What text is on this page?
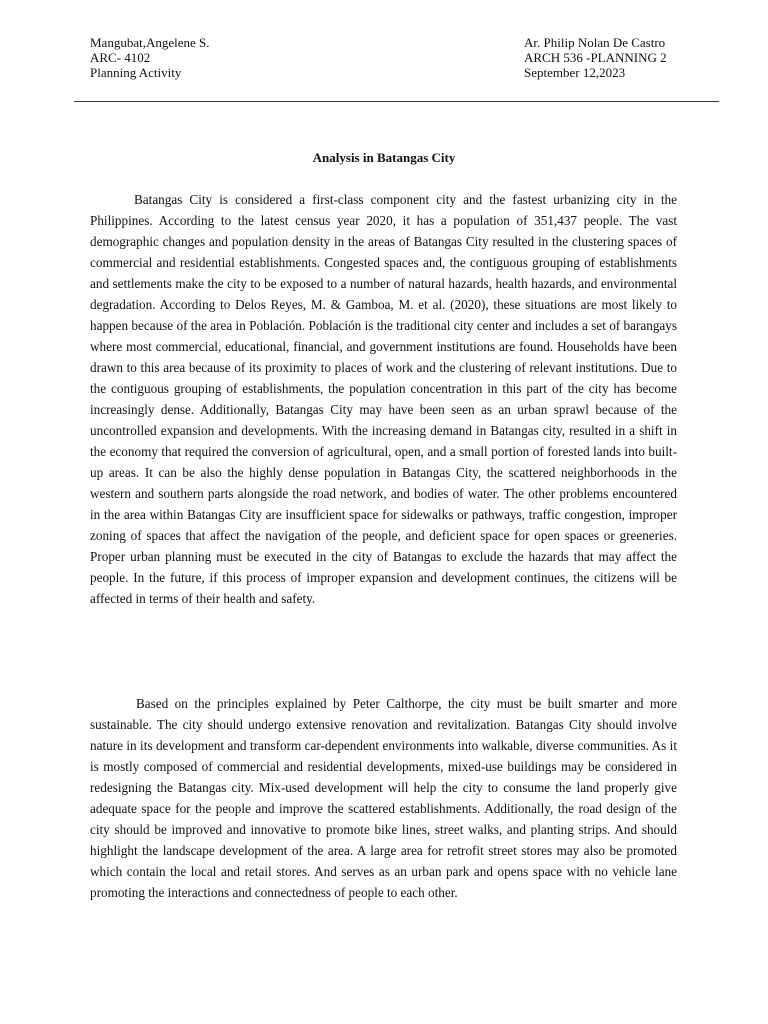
Mangubat,Angelene S.
ARC- 4102
Planning Activity
Ar. Philip Nolan De Castro
ARCH 536 -PLANNING 2
September 12,2023
Analysis in Batangas City

Batangas City is considered a first-class component city and the fastest urbanizing city in the Philippines. According to the latest census year 2020, it has a population of 351,437 people. The vast demographic changes and population density in the areas of Batangas City resulted in the clustering spaces of commercial and residential establishments. Congested spaces and, the contiguous grouping of establishments and settlements make the city to be exposed to a number of natural hazards, health hazards, and environmental degradation. According to Delos Reyes, M. & Gamboa, M. et al. (2020), these situations are most likely to happen because of the area in Población. Población is the traditional city center and includes a set of barangays where most commercial, educational, financial, and government institutions are found. Households have been drawn to this area because of its proximity to places of work and the clustering of relevant institutions. Due to the contiguous grouping of establishments, the population concentration in this part of the city has become increasingly dense. Additionally, Batangas City may have been seen as an urban sprawl because of the uncontrolled expansion and developments. With the increasing demand in Batangas city, resulted in a shift in the economy that required the conversion of agricultural, open, and a small portion of forested lands into built-up areas. It can be also the highly dense population in Batangas City, the scattered neighborhoods in the western and southern parts alongside the road network, and bodies of water. The other problems encountered in the area within Batangas City are insufficient space for sidewalks or pathways, traffic congestion, improper zoning of spaces that affect the navigation of the people, and deficient space for open spaces or greeneries. Proper urban planning must be executed in the city of Batangas to exclude the hazards that may affect the people. In the future, if this process of improper expansion and development continues, the citizens will be affected in terms of their health and safety.

Based on the principles explained by Peter Calthorpe, the city must be built smarter and more sustainable. The city should undergo extensive renovation and revitalization. Batangas City should involve nature in its development and transform car-dependent environments into walkable, diverse communities. As it is mostly composed of commercial and residential developments, mixed-use buildings may be considered in redesigning the Batangas city. Mix-used development will help the city to consume the land properly give adequate space for the people and improve the scattered establishments. Additionally, the road design of the city should be improved and innovative to promote bike lines, street walks, and planting strips. And should highlight the landscape development of the area. A large area for retrofit street stores may also be promoted which contain the local and retail stores. And serves as an urban park and opens space with no vehicle lane promoting the interactions and connectedness of people to each other.
